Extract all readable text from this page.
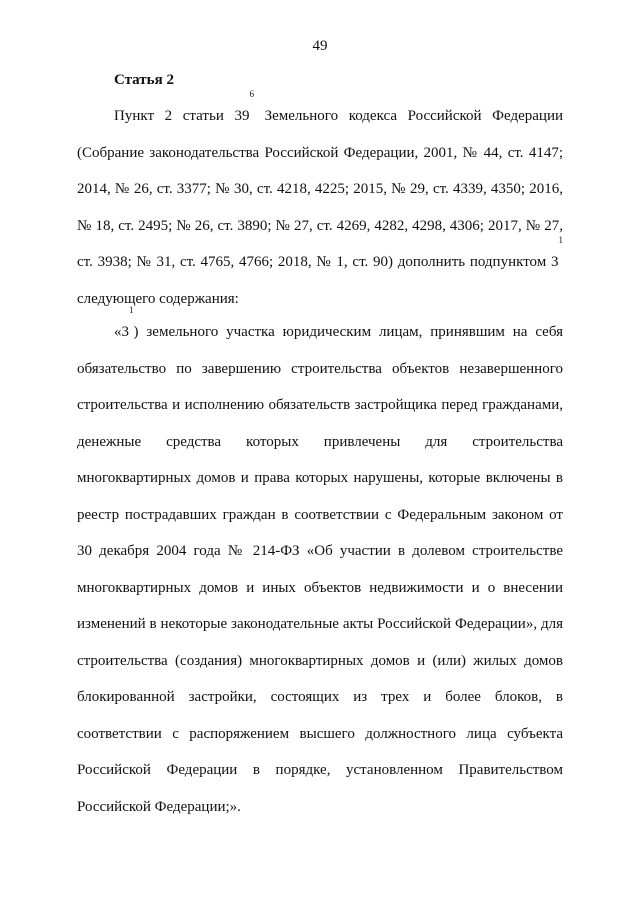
49
Статья 2
Пункт 2 статьи $39^6$ Земельного кодекса Российской Федерации (Собрание законодательства Российской Федерации, 2001, № 44, ст. 4147; 2014, № 26, ст. 3377; № 30, ст. 4218, 4225; 2015, № 29, ст. 4339, 4350; 2016, № 18, ст. 2495; № 26, ст. 3890; № 27, ст. 4269, 4282, 4298, 4306; 2017, № 27, ст. 3938; № 31, ст. 4765, 4766; 2018, № 1, ст. 90) дополнить подпунктом $3^1$ следующего содержания:
«$3^1$) земельного участка юридическим лицам, принявшим на себя обязательство по завершению строительства объектов незавершенного строительства и исполнению обязательств застройщика перед гражданами, денежные средства которых привлечены для строительства многоквартирных домов и права которых нарушены, которые включены в реестр пострадавших граждан в соответствии с Федеральным законом от 30 декабря 2004 года № 214-ФЗ «Об участии в долевом строительстве многоквартирных домов и иных объектов недвижимости и о внесении изменений в некоторые законодательные акты Российской Федерации», для строительства (создания) многоквартирных домов и (или) жилых домов блокированной застройки, состоящих из трех и более блоков, в соответствии с распоряжением высшего должностного лица субъекта Российской Федерации в порядке, установленном Правительством Российской Федерации;».
